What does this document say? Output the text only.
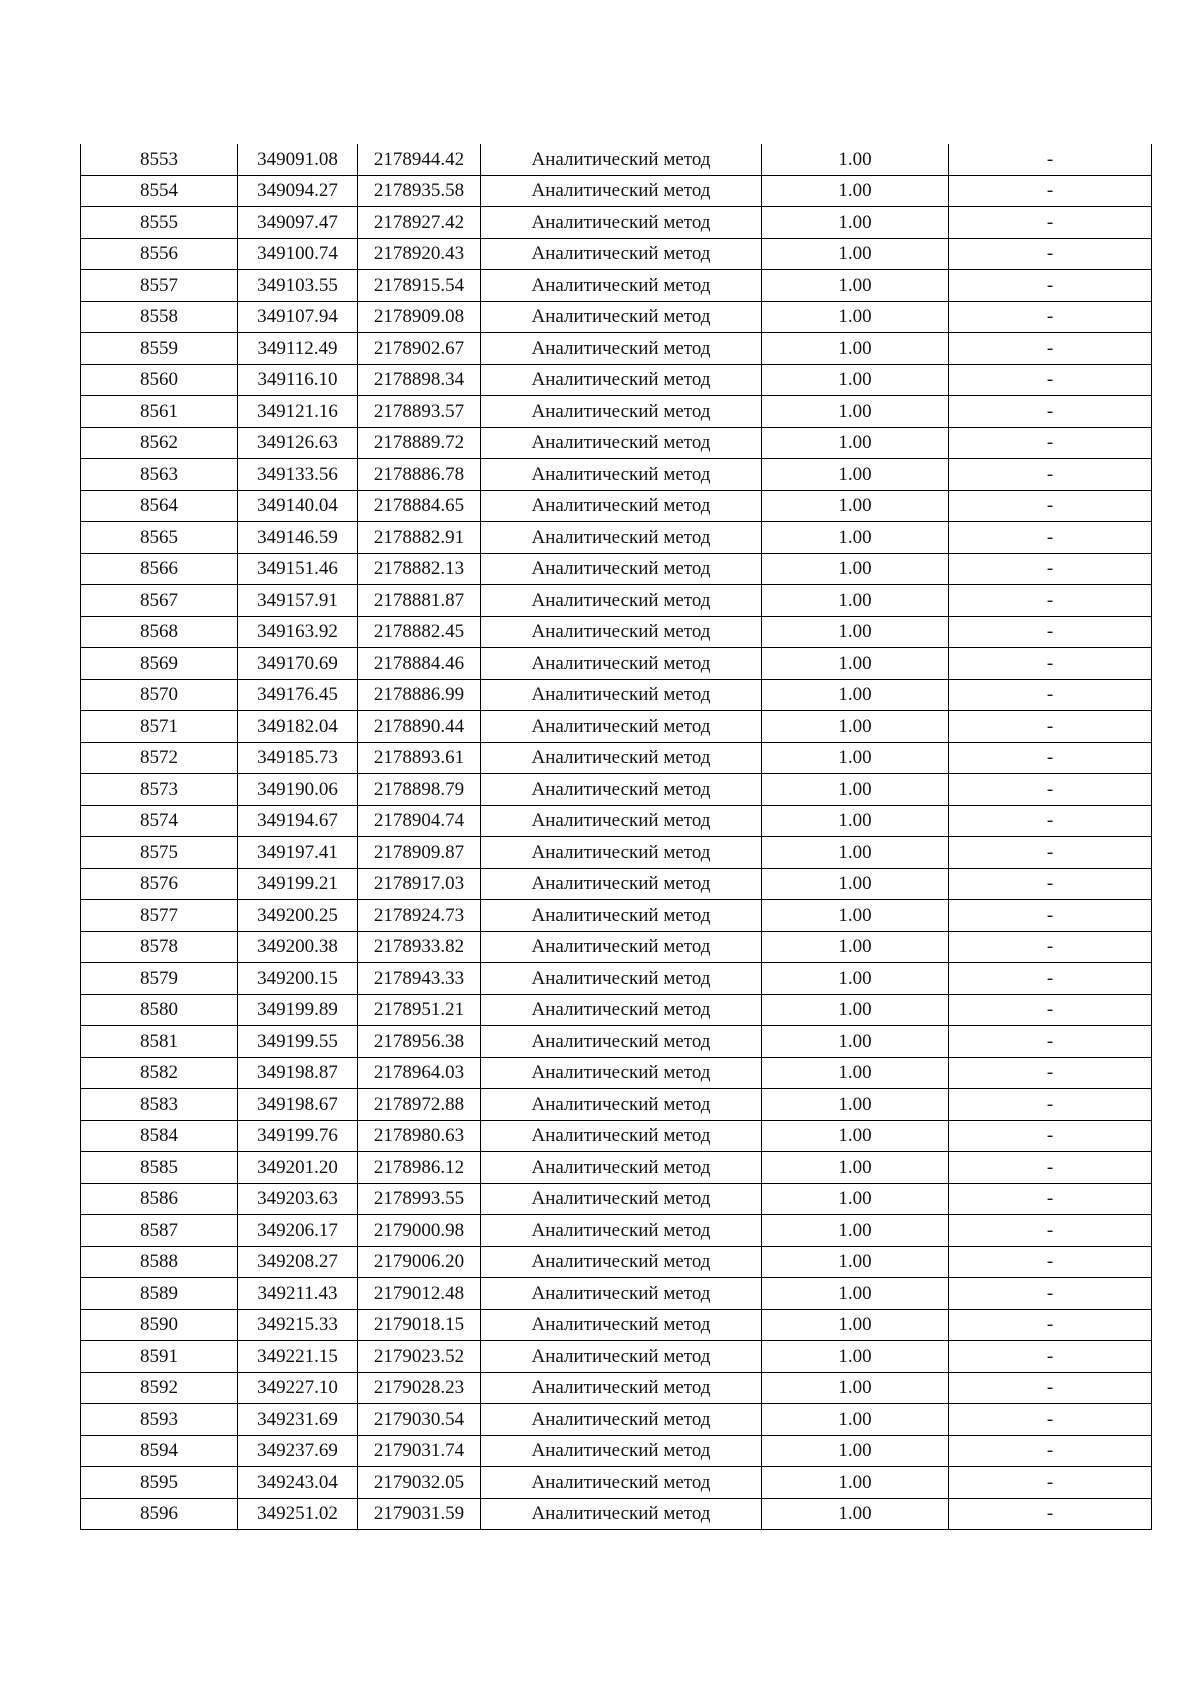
8553	349091.08	2178944.42	Аналитический метод	1.00	-
8554	349094.27	2178935.58	Аналитический метод	1.00	-
8555	349097.47	2178927.42	Аналитический метод	1.00	-
8556	349100.74	2178920.43	Аналитический метод	1.00	-
8557	349103.55	2178915.54	Аналитический метод	1.00	-
8558	349107.94	2178909.08	Аналитический метод	1.00	-
8559	349112.49	2178902.67	Аналитический метод	1.00	-
8560	349116.10	2178898.34	Аналитический метод	1.00	-
8561	349121.16	2178893.57	Аналитический метод	1.00	-
8562	349126.63	2178889.72	Аналитический метод	1.00	-
8563	349133.56	2178886.78	Аналитический метод	1.00	-
8564	349140.04	2178884.65	Аналитический метод	1.00	-
8565	349146.59	2178882.91	Аналитический метод	1.00	-
8566	349151.46	2178882.13	Аналитический метод	1.00	-
8567	349157.91	2178881.87	Аналитический метод	1.00	-
8568	349163.92	2178882.45	Аналитический метод	1.00	-
8569	349170.69	2178884.46	Аналитический метод	1.00	-
8570	349176.45	2178886.99	Аналитический метод	1.00	-
8571	349182.04	2178890.44	Аналитический метод	1.00	-
8572	349185.73	2178893.61	Аналитический метод	1.00	-
8573	349190.06	2178898.79	Аналитический метод	1.00	-
8574	349194.67	2178904.74	Аналитический метод	1.00	-
8575	349197.41	2178909.87	Аналитический метод	1.00	-
8576	349199.21	2178917.03	Аналитический метод	1.00	-
8577	349200.25	2178924.73	Аналитический метод	1.00	-
8578	349200.38	2178933.82	Аналитический метод	1.00	-
8579	349200.15	2178943.33	Аналитический метод	1.00	-
8580	349199.89	2178951.21	Аналитический метод	1.00	-
8581	349199.55	2178956.38	Аналитический метод	1.00	-
8582	349198.87	2178964.03	Аналитический метод	1.00	-
8583	349198.67	2178972.88	Аналитический метод	1.00	-
8584	349199.76	2178980.63	Аналитический метод	1.00	-
8585	349201.20	2178986.12	Аналитический метод	1.00	-
8586	349203.63	2178993.55	Аналитический метод	1.00	-
8587	349206.17	2179000.98	Аналитический метод	1.00	-
8588	349208.27	2179006.20	Аналитический метод	1.00	-
8589	349211.43	2179012.48	Аналитический метод	1.00	-
8590	349215.33	2179018.15	Аналитический метод	1.00	-
8591	349221.15	2179023.52	Аналитический метод	1.00	-
8592	349227.10	2179028.23	Аналитический метод	1.00	-
8593	349231.69	2179030.54	Аналитический метод	1.00	-
8594	349237.69	2179031.74	Аналитический метод	1.00	-
8595	349243.04	2179032.05	Аналитический метод	1.00	-
8596	349251.02	2179031.59	Аналитический метод	1.00	-
